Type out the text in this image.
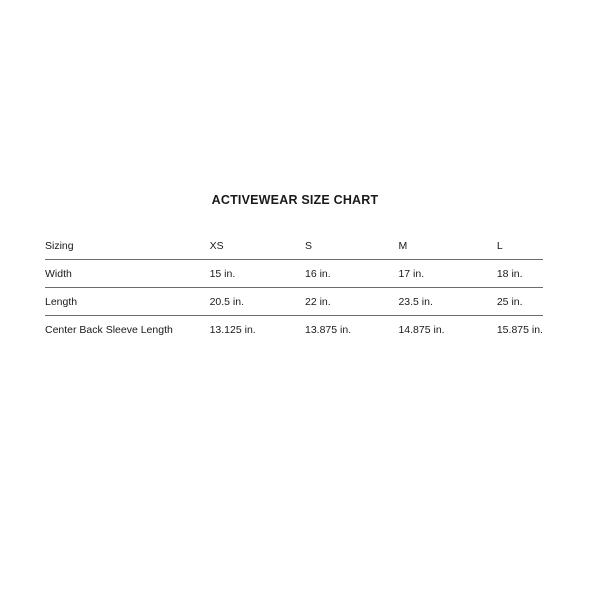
ACTIVEWEAR SIZE CHART
Sizing	XS	S	M	L
Width	15 in.	16 in.	17 in.	18 in.
Length	20.5 in.	22 in.	23.5 in.	25 in.
Center Back Sleeve Length	13.125 in.	13.875 in.	14.875 in.	15.875 in.
